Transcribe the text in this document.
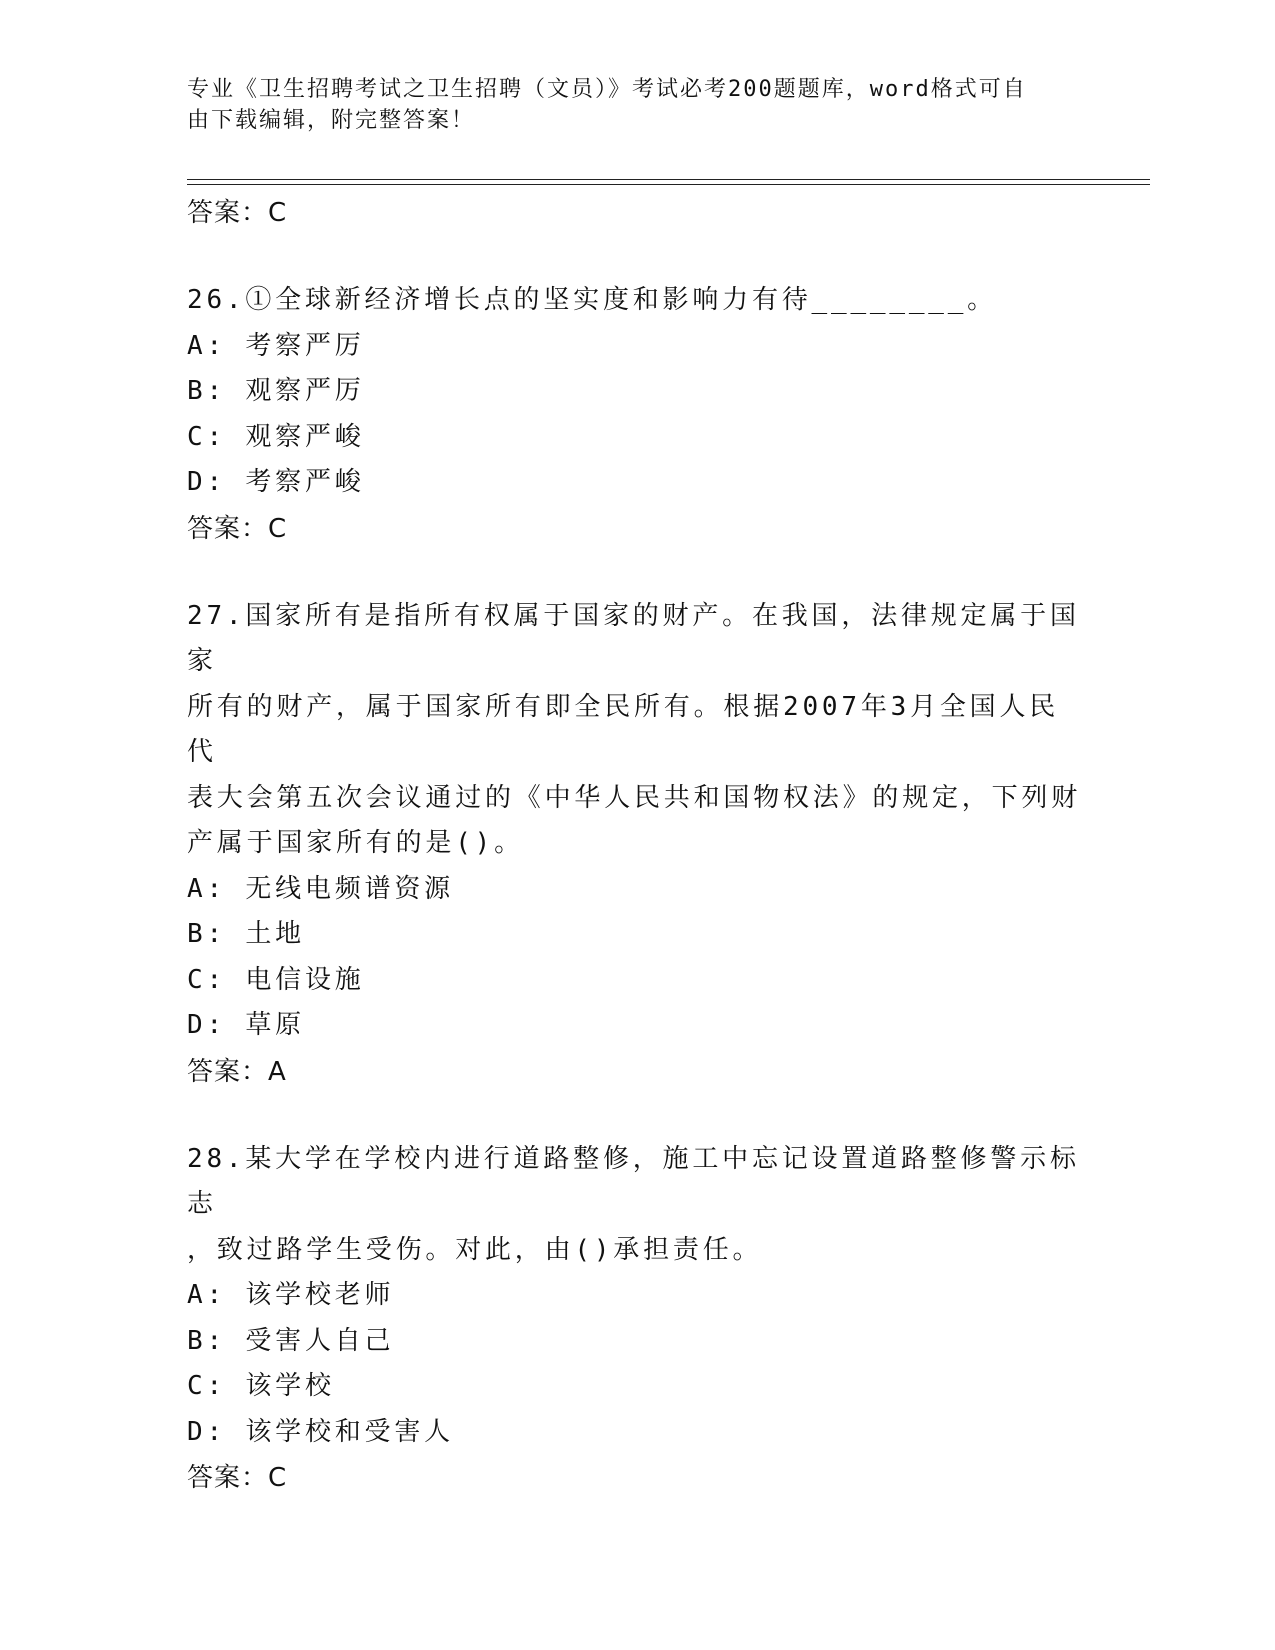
专业《卫生招聘考试之卫生招聘（文员）》考试必考200题题库，word格式可自
由下载编辑，附完整答案！
答案：C
26.①全球新经济增长点的坚实度和影响力有待________。
A: 考察严厉
B: 观察严厉
C: 观察严峻
D: 考察严峻
答案：C
27.国家所有是指所有权属于国家的财产。在我国，法律规定属于国家
所有的财产，属于国家所有即全民所有。根据2007年3月全国人民代
表大会第五次会议通过的《中华人民共和国物权法》的规定，下列财
产属于国家所有的是()。
A: 无线电频谱资源
B: 土地
C: 电信设施
D: 草原
答案：A
28.某大学在学校内进行道路整修，施工中忘记设置道路整修警示标志
，致过路学生受伤。对此，由()承担责任。
A: 该学校老师
B: 受害人自己
C: 该学校
D: 该学校和受害人
答案：C
